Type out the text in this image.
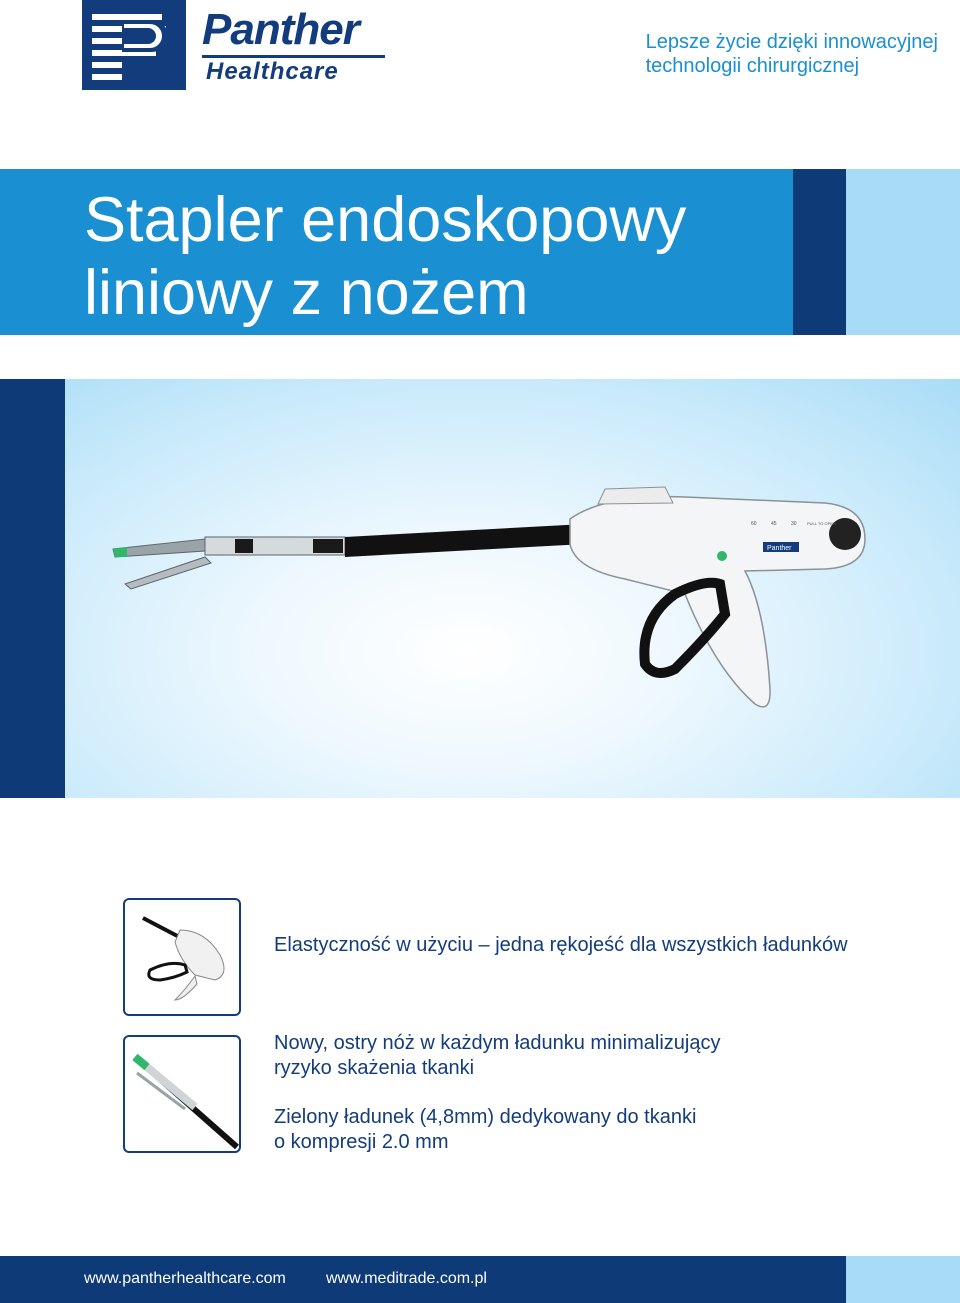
Panther
Healthcare
Lepsze życie dzięki innowacyjnej
technologii chirurgicznej
Stapler endoskopowy
liniowy z nożem
60	45	30	PULL TO OPEN
Panther
Elastyczność w użyciu – jedna rękojeść dla wszystkich ładunków
Nowy, ostry nóż w każdym ładunku minimalizujący
ryzyko skażenia tkanki
Zielony ładunek (4,8mm) dedykowany do tkanki
o kompresji 2.0 mm
www.pantherhealthcare.com	www.meditrade.com.pl
